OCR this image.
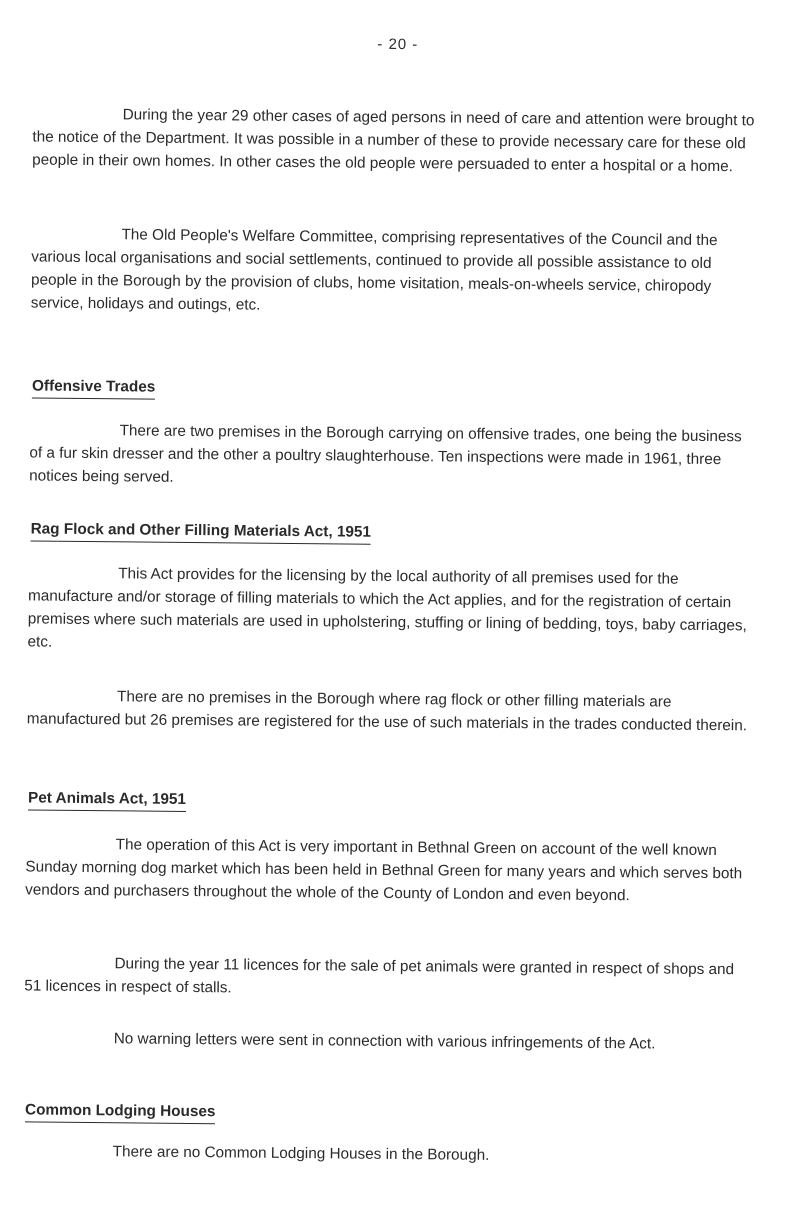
- 20 -

During the year 29 other cases of aged persons in need of care and attention were brought to the notice of the Department. It was possible in a number of these to provide necessary care for these old people in their own homes. In other cases the old people were persuaded to enter a hospital or a home.

The Old People's Welfare Committee, comprising representatives of the Council and the various local organisations and social settlements, continued to provide all possible assistance to old people in the Borough by the provision of clubs, home visitation, meals-on-wheels service, chiropody service, holidays and outings, etc.

Offensive Trades

There are two premises in the Borough carrying on offensive trades, one being the business of a fur skin dresser and the other a poultry slaughterhouse. Ten inspections were made in 1961, three notices being served.

Rag Flock and Other Filling Materials Act, 1951

This Act provides for the licensing by the local authority of all premises used for the manufacture and/or storage of filling materials to which the Act applies, and for the registration of certain premises where such materials are used in upholstering, stuffing or lining of bedding, toys, baby carriages, etc.

There are no premises in the Borough where rag flock or other filling materials are manufactured but 26 premises are registered for the use of such materials in the trades conducted therein.

Pet Animals Act, 1951

The operation of this Act is very important in Bethnal Green on account of the well known Sunday morning dog market which has been held in Bethnal Green for many years and which serves both vendors and purchasers throughout the whole of the County of London and even beyond.

During the year 11 licences for the sale of pet animals were granted in respect of shops and 51 licences in respect of stalls.

No warning letters were sent in connection with various infringements of the Act.

Common Lodging Houses

There are no Common Lodging Houses in the Borough.
